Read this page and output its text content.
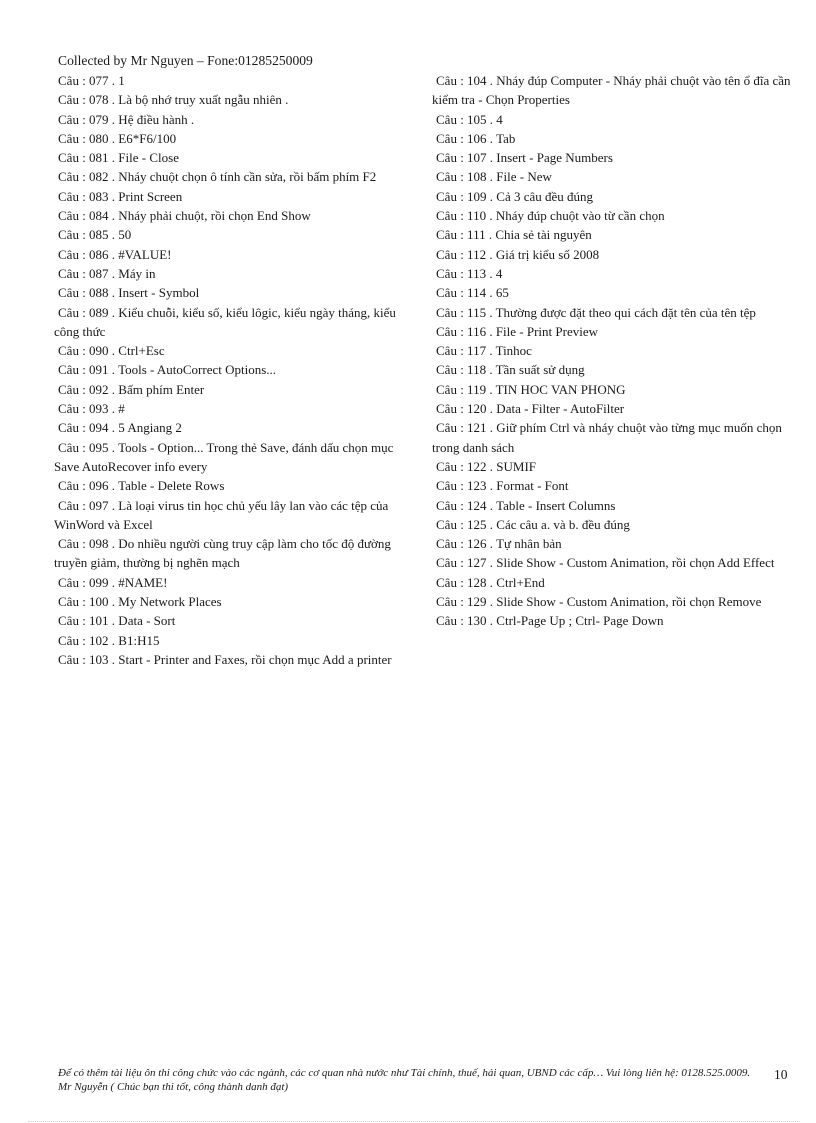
Collected by Mr Nguyen – Fone:01285250009

Câu : 077 . 1

Câu : 078 . Là bộ nhớ truy xuất ngẫu nhiên .

Câu : 079 . Hệ điều hành .

Câu : 080 . E6*F6/100

Câu : 081 . File - Close

Câu : 082 . Nháy chuột chọn ô tính cần sửa, rồi bấm phím F2

Câu : 083 . Print Screen

Câu : 084 . Nháy phải chuột, rồi chọn End Show

Câu : 085 . 50

Câu : 086 . #VALUE!

Câu : 087 . Máy in

Câu : 088 . Insert - Symbol

Câu : 089 . Kiểu chuỗi, kiểu số, kiểu lôgic, kiểu ngày tháng, kiểu công thức

Câu : 090 . Ctrl+Esc

Câu : 091 . Tools - AutoCorrect Options...

Câu : 092 . Bấm phím Enter

Câu : 093 . #

Câu : 094 . 5 Angiang 2

Câu : 095 . Tools - Option... Trong thẻ Save, đánh dấu chọn mục Save AutoRecover info every

Câu : 096 . Table - Delete Rows

Câu : 097 . Là loại virus tin học chủ yếu lây lan vào các tệp của WinWord và Excel

Câu : 098 . Do nhiều người cùng truy cập làm cho tốc độ đường truyền giảm, thường bị nghẽn mạch

Câu : 099 . #NAME!

Câu : 100 . My Network Places

Câu : 101 . Data - Sort

Câu : 102 . B1:H15

Câu : 103 . Start - Printer and Faxes, rồi chọn mục Add a printer

Câu : 104 . Nháy đúp Computer - Nháy phải chuột vào tên ổ đĩa cần kiểm tra - Chọn Properties

Câu : 105 . 4

Câu : 106 . Tab

Câu : 107 . Insert - Page Numbers

Câu : 108 . File - New

Câu : 109 . Cả 3 câu đều đúng

Câu : 110 . Nháy đúp chuột vào từ cần chọn

Câu : 111 . Chia sẻ tài nguyên

Câu : 112 . Giá trị kiểu số 2008

Câu : 113 . 4

Câu : 114 . 65

Câu : 115 . Thường được đặt theo qui cách đặt tên của tên tệp

Câu : 116 . File - Print Preview

Câu : 117 . Tinhoc

Câu : 118 . Tần suất sử dụng

Câu : 119 . TIN HOC VAN PHONG

Câu : 120 . Data - Filter - AutoFilter

Câu : 121 . Giữ phím Ctrl và nháy chuột vào từng mục muốn chọn trong danh sách

Câu : 122 . SUMIF

Câu : 123 . Format - Font

Câu : 124 . Table - Insert Columns

Câu : 125 . Các câu a. và b. đều đúng

Câu : 126 . Tự nhân bản

Câu : 127 . Slide Show - Custom Animation, rồi chọn Add Effect

Câu : 128 . Ctrl+End

Câu : 129 . Slide Show - Custom Animation, rồi chọn Remove

Câu : 130 . Ctrl-Page Up ; Ctrl- Page Down

Để có thêm tài liệu ôn thi công chức vào các ngành, các cơ quan nhà nước như Tài chính, thuế, hải quan, UBND các cấp… Vui lòng liên hệ: 0128.525.0009. Mr Nguyễn ( Chúc bạn thi tốt, công thành danh đạt)
10
